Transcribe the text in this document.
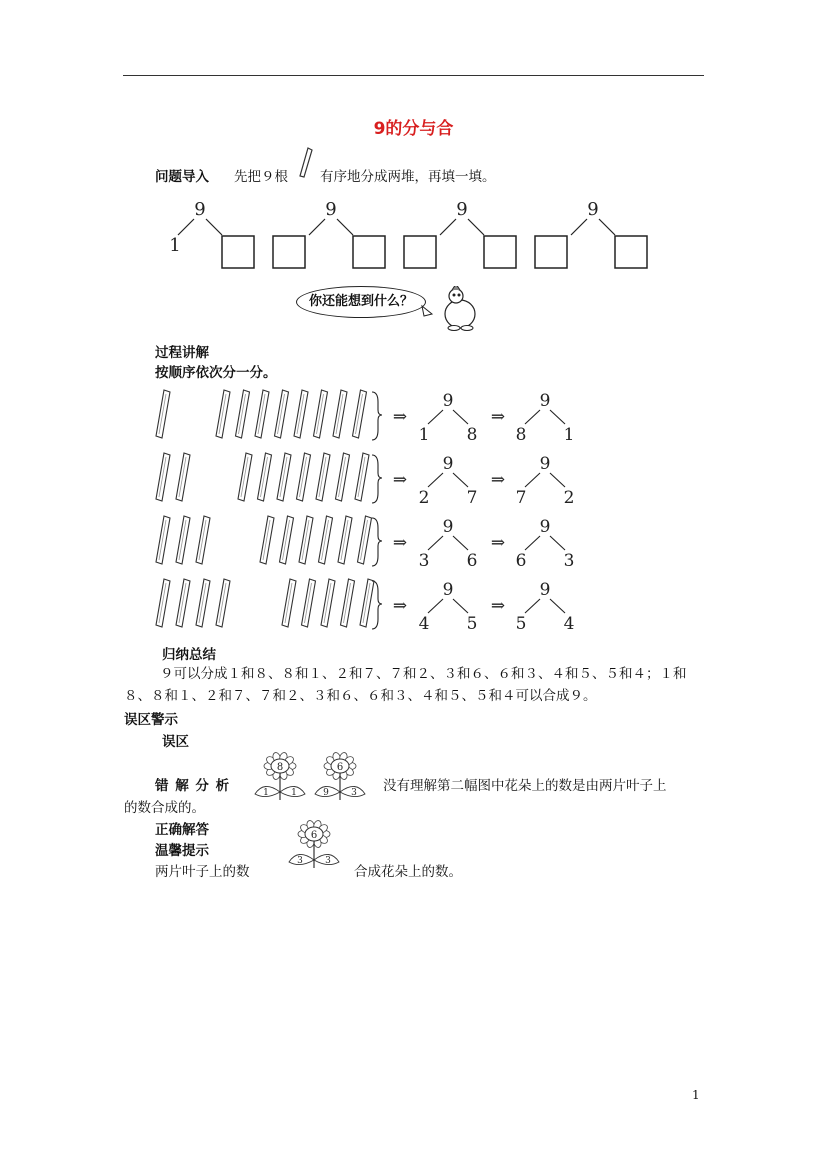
9的分与合
问题导入 先把９根 有序地分成两堆，再填一填。
9
1
9	9	9
你还能想到什么？
过程讲解
按顺序依次分一分。
⇒
9
1 8
⇒
9
8 1
⇒
9
2 7
⇒
9
7 2
⇒
9
3 6
⇒
9
6 3
⇒
9
4 5
⇒
9
5 4
归纳总结
９可以分成１和８、８和１、２和７、７和２、３和６、６和３、４和５、５和４；１和８、８和１、２和７、７和２、３和６、６和３、４和５、５和４可以合成９。
误区警示
误区
错 解 分 析
8
1 1
6
9 3 没有理解第二幅图中花朵上的数是由两片叶子上
的数合成的。
正确解答
温馨提示
6
3 3
两片叶子上的数	合成花朵上的数。
1
